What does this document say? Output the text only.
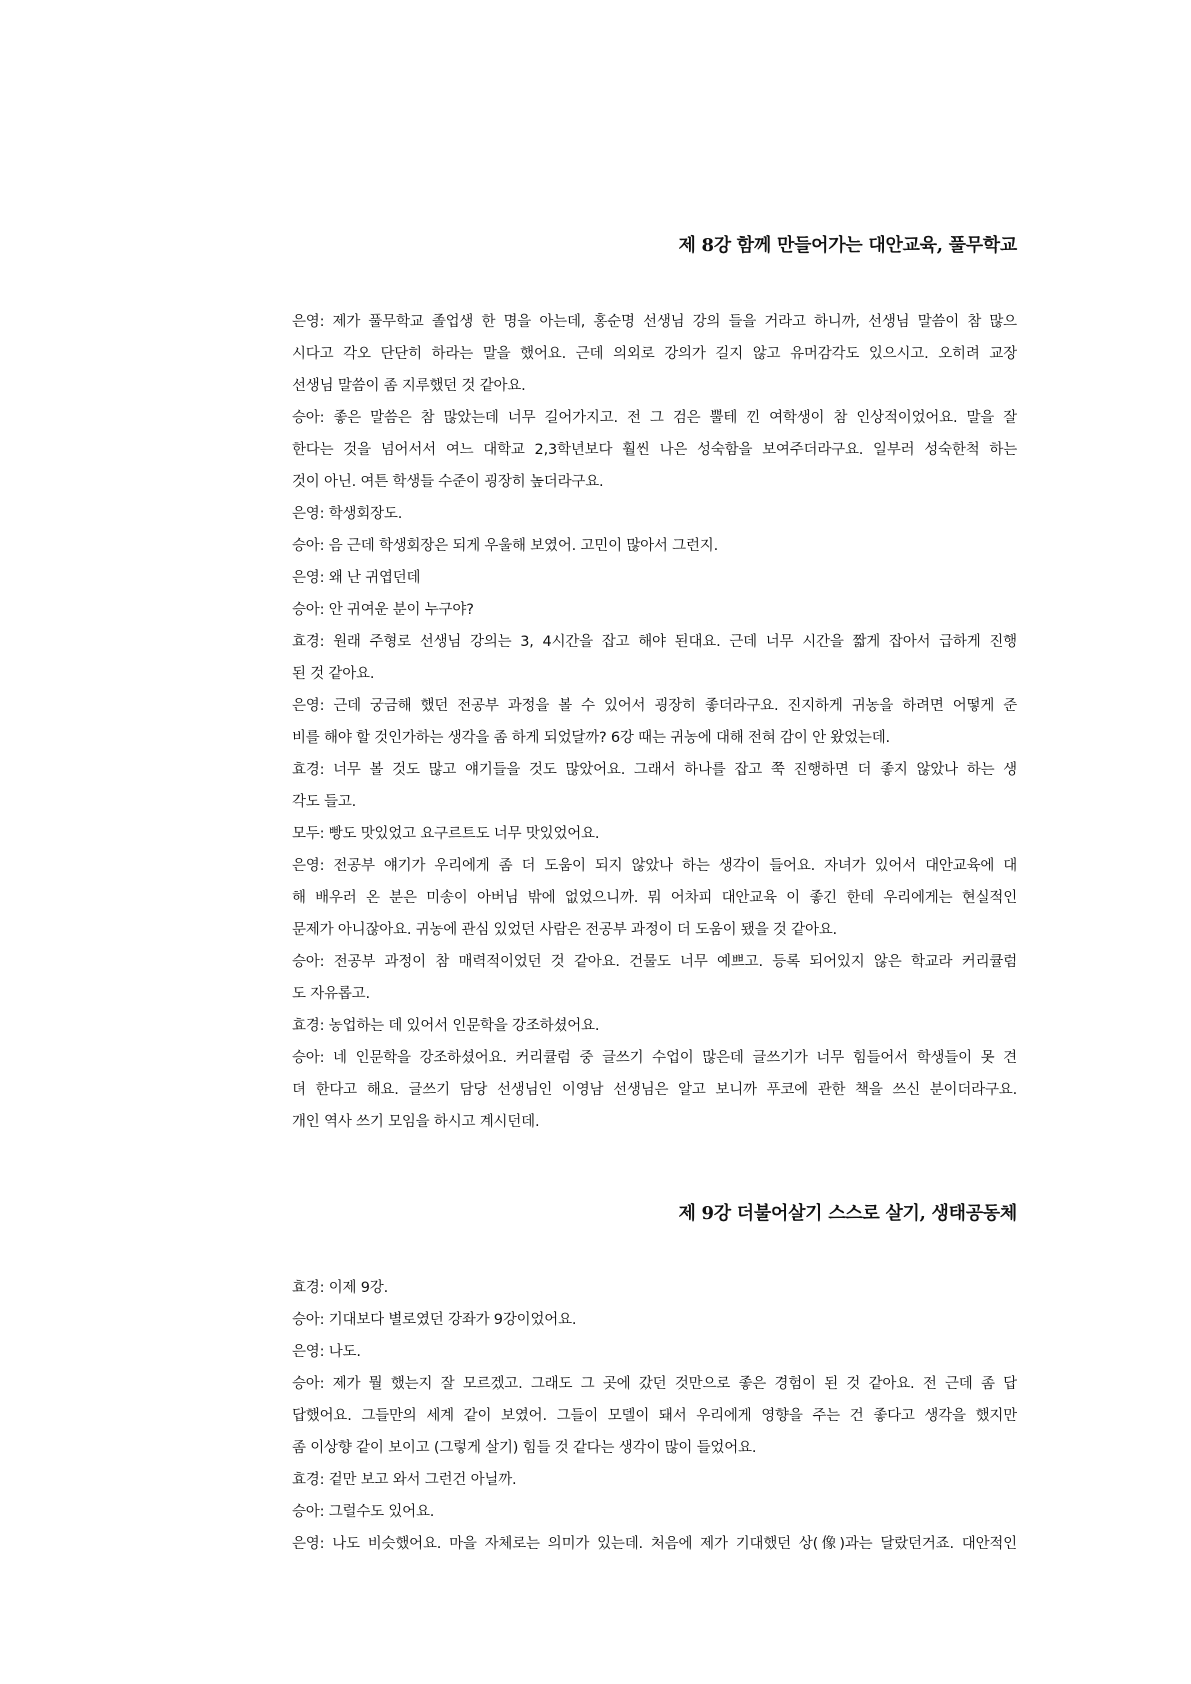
제 8강 함께 만들어가는 대안교육, 풀무학교
은영: 제가 풀무학교 졸업생 한 명을 아는데, 홍순명 선생님 강의 들을 거라고 하니까, 선생님 말씀이 참 많으
시다고 각오 단단히 하라는 말을 했어요. 근데 의외로 강의가 길지 않고 유머감각도 있으시고. 오히려 교장
선생님 말씀이 좀 지루했던 것 같아요.
승아: 좋은 말씀은 참 많았는데 너무 길어가지고. 전 그 검은 뿔테 낀 여학생이 참 인상적이었어요. 말을 잘
한다는 것을 넘어서서 여느 대학교 2,3학년보다 훨씬 나은 성숙함을 보여주더라구요. 일부러 성숙한척 하는
것이 아닌. 여튼 학생들 수준이 굉장히 높더라구요.
은영: 학생회장도.
승아: 음 근데 학생회장은 되게 우울해 보였어. 고민이 많아서 그런지.
은영: 왜 난 귀엽던데
승아: 안 귀여운 분이 누구야?
효경: 원래 주형로 선생님 강의는 3, 4시간을 잡고 해야 된대요. 근데 너무 시간을 짧게 잡아서 급하게 진행
된 것 같아요.
은영: 근데 궁금해 했던 전공부 과정을 볼 수 있어서 굉장히 좋더라구요. 진지하게 귀농을 하려면 어떻게 준
비를 해야 할 것인가하는 생각을 좀 하게 되었달까? 6강 때는 귀농에 대해 전혀 감이 안 왔었는데.
효경: 너무 볼 것도 많고 얘기들을 것도 많았어요. 그래서 하나를 잡고 쭉 진행하면 더 좋지 않았나 하는 생
각도 들고.
모두: 빵도 맛있었고 요구르트도 너무 맛있었어요.
은영: 전공부 얘기가 우리에게 좀 더 도움이 되지 않았나 하는 생각이 들어요. 자녀가 있어서 대안교육에 대
해 배우러 온 분은 미송이 아버님 밖에 없었으니까. 뭐 어차피 대안교육 이 좋긴 한데 우리에게는 현실적인
문제가 아니잖아요. 귀농에 관심 있었던 사람은 전공부 과정이 더 도움이 됐을 것 같아요.
승아: 전공부 과정이 참 매력적이었던 것 같아요. 건물도 너무 예쁘고. 등록 되어있지 않은 학교라 커리큘럼
도 자유롭고.
효경: 농업하는 데 있어서 인문학을 강조하셨어요.
승아: 네 인문학을 강조하셨어요. 커리큘럼 중 글쓰기 수업이 많은데 글쓰기가 너무 힘들어서 학생들이 못 견
뎌 한다고 해요. 글쓰기 담당 선생님인 이영남 선생님은 알고 보니까 푸코에 관한 책을 쓰신 분이더라구요.
개인 역사 쓰기 모임을 하시고 계시던데.
제 9강 더불어살기 스스로 살기, 생태공동체
효경: 이제 9강.
승아: 기대보다 별로였던 강좌가 9강이었어요.
은영: 나도.
승아: 제가 뭘 했는지 잘 모르겠고. 그래도 그 곳에 갔던 것만으로 좋은 경험이 된 것 같아요. 전 근데 좀 답
답했어요. 그들만의 세계 같이 보였어. 그들이 모델이 돼서 우리에게 영향을 주는 건 좋다고 생각을 했지만
좀 이상향 같이 보이고 (그렇게 살기) 힘들 것 같다는 생각이 많이 들었어요.
효경: 겉만 보고 와서 그런건 아닐까.
승아: 그럴수도 있어요.
은영: 나도 비슷했어요. 마을 자체로는 의미가 있는데. 처음에 제가 기대했던 상(像)과는 달랐던거죠. 대안적인
